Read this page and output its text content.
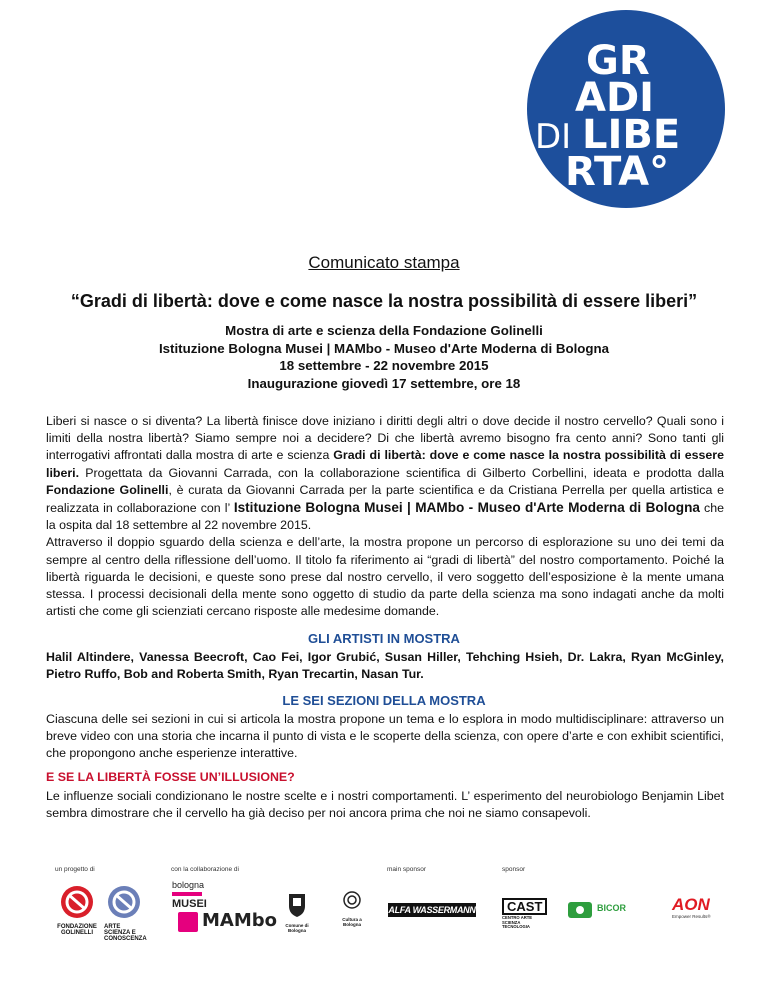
GR
ADI
DI LIBE
RTA°
Comunicato stampa
“Gradi di libertà: dove e come nasce la nostra possibilità di essere liberi”
Mostra di arte e scienza della Fondazione Golinelli
Istituzione Bologna Musei | MAMbo - Museo d'Arte Moderna di Bologna
18 settembre - 22 novembre 2015
Inaugurazione giovedì 17 settembre, ore 18
Liberi si nasce o si diventa? La libertà finisce dove iniziano i diritti degli altri o dove decide il nostro cervello? Quali sono i limiti della nostra libertà? Siamo sempre noi a decidere? Di che libertà avremo bisogno fra cento anni? Sono tanti gli interrogativi affrontati dalla mostra di arte e scienza Gradi di libertà: dove e come nasce la nostra possibilità di essere liberi. Progettata da Giovanni Carrada, con la collaborazione scientifica di Gilberto Corbellini, ideata e prodotta dalla Fondazione Golinelli, è curata da Giovanni Carrada per la parte scientifica e da Cristiana Perrella per quella artistica e realizzata in collaborazione con l’ Istituzione Bologna Musei | MAMbo - Museo d'Arte Moderna di Bologna che la ospita dal 18 settembre al 22 novembre 2015.
Attraverso il doppio sguardo della scienza e dell’arte, la mostra propone un percorso di esplorazione su uno dei temi da sempre al centro della riflessione dell’uomo. Il titolo fa riferimento ai “gradi di libertà” del nostro comportamento. Poiché la libertà riguarda le decisioni, e queste sono prese dal nostro cervello, il vero soggetto dell’esposizione è la mente umana stessa. I processi decisionali della mente sono oggetto di studio da parte della scienza ma sono indagati anche da molti artisti che come gli scienziati cercano risposte alle medesime domande.
GLI ARTISTI IN MOSTRA
Halil Altindere, Vanessa Beecroft, Cao Fei, Igor Grubić, Susan Hiller, Tehching Hsieh, Dr. Lakra, Ryan McGinley, Pietro Ruffo, Bob and Roberta Smith, Ryan Trecartin, Nasan Tur.
LE SEI SEZIONI DELLA MOSTRA
Ciascuna delle sei sezioni in cui si articola la mostra propone un tema e lo esplora in modo multidisciplinare: attraverso un breve video con una storia che incarna il punto di vista e le scoperte della scienza, con opere d’arte e con exhibit scientifici, che propongono anche esperienze interattive.
E SE LA LIBERTÀ FOSSE UN’ILLUSIONE?
Le influenze sociali condizionano le nostre scelte e i nostri comportamenti. L’ esperimento del neurobiologo Benjamin Libet sembra dimostrare che il cervello ha già deciso per noi ancora prima che noi ne siamo consapevoli.
un progetto di	con la collaborazione di	main sponsor	sponsor
FONDAZIONE GOLINELLI
ARTE SCIENZA E CONOSCENZA
bologna
MUSEI
MAMbo	Comune di Bologna
Cultura a Bologna
ALFA WASSERMANN	CAST
CENTRO ARTE SCIENZA TECNOLOGIA
BICOR	AON
Empower Results®
